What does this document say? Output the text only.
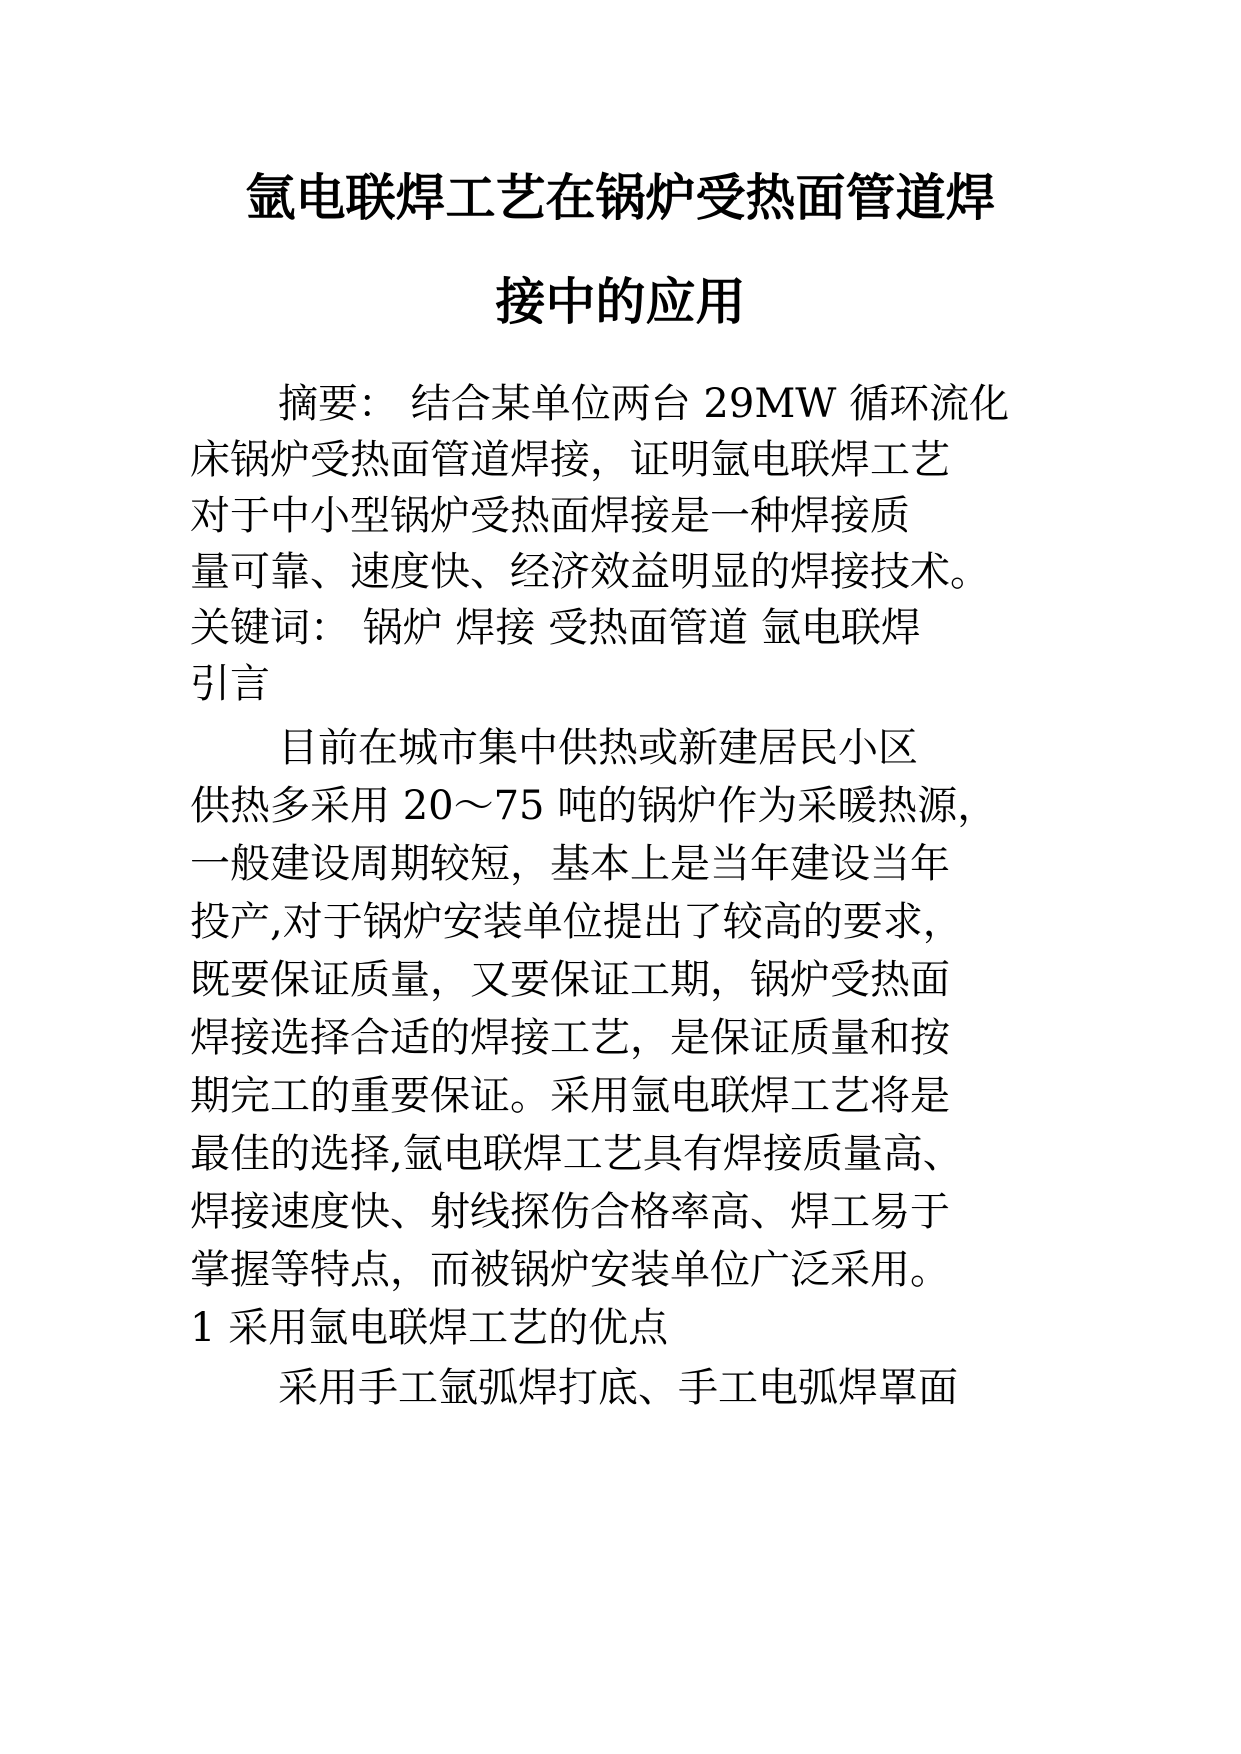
氩电联焊工艺在锅炉受热面管道焊
接中的应用
摘要： 结合某单位两台 29MW 循环流化
床锅炉受热面管道焊接，证明氩电联焊工艺
对于中小型锅炉受热面焊接是一种焊接质
量可靠、速度快、经济效益明显的焊接技术。
关键词： 锅炉 焊接 受热面管道 氩电联焊
引言
目前在城市集中供热或新建居民小区
供热多采用 20～75 吨的锅炉作为采暖热源，
一般建设周期较短，基本上是当年建设当年
投产,对于锅炉安装单位提出了较高的要求，
既要保证质量，又要保证工期，锅炉受热面
焊接选择合适的焊接工艺，是保证质量和按
期完工的重要保证。采用氩电联焊工艺将是
最佳的选择,氩电联焊工艺具有焊接质量高、
焊接速度快、射线探伤合格率高、焊工易于
掌握等特点，而被锅炉安装单位广泛采用。
1 采用氩电联焊工艺的优点
采用手工氩弧焊打底、手工电弧焊罩面
